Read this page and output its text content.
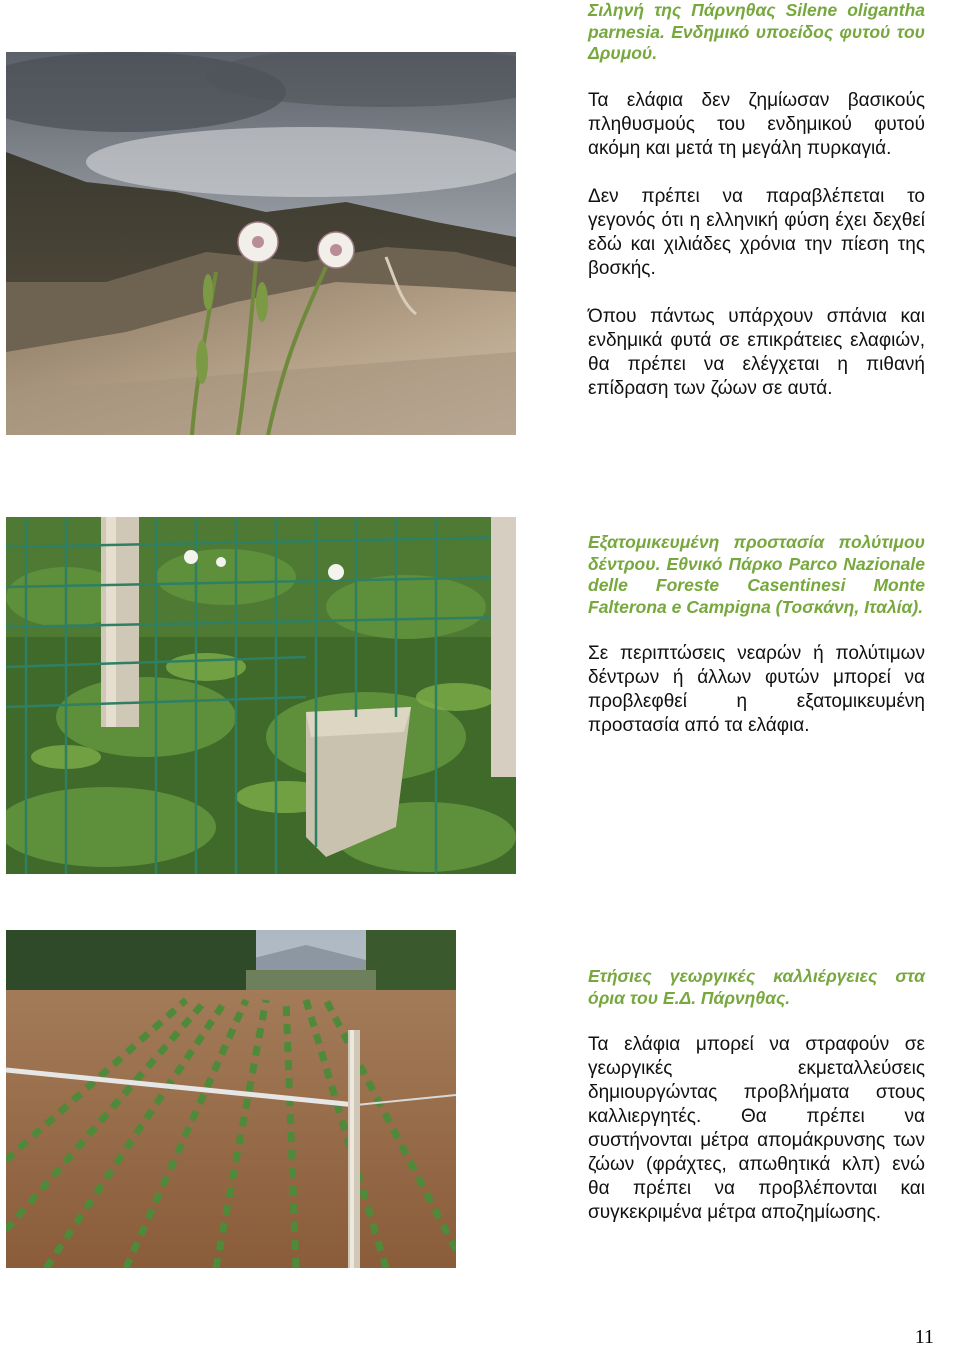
Σιληνή της Πάρνηθας Silene oligantha parnesia. Ενδημικό υποείδος φυτού του Δρυμού.

Τα ελάφια δεν ζημίωσαν βασικούς πληθυσμούς του ενδημικού φυτού ακόμη και μετά τη μεγάλη πυρκαγιά.

Δεν πρέπει να παραβλέπεται το γεγονός ότι η ελληνική φύση έχει δεχθεί εδώ και χιλιάδες χρόνια την πίεση της βοσκής.

Όπου πάντως υπάρχουν σπάνια και ενδημικά φυτά σε επικράτειες ελαφιών, θα πρέπει να ελέγχεται η πιθανή επίδραση των ζώων σε αυτά.

Εξατομικευμένη προστασία πολύτιμου δέντρου. Εθνικό Πάρκο Parco Nazionale delle Foreste Casentinesi Monte Falterona e Campigna (Τοσκάνη, Ιταλία).

Σε περιπτώσεις νεαρών ή πολύτιμων δέντρων ή άλλων φυτών μπορεί να προβλεφθεί η εξατομικευμένη προστασία από τα ελάφια.

Ετήσιες γεωργικές καλλιέργειες στα όρια του Ε.Δ. Πάρνηθας.

Τα ελάφια μπορεί να στραφούν σε γεωργικές εκμεταλλεύσεις δημιουργώντας προβλήματα στους καλλιεργητές. Θα πρέπει να συστήνονται μέτρα απομάκρυνσης των ζώων (φράχτες, απωθητικά κλπ) ενώ θα πρέπει να προβλέπονται και συγκεκριμένα μέτρα αποζημίωσης.

11
